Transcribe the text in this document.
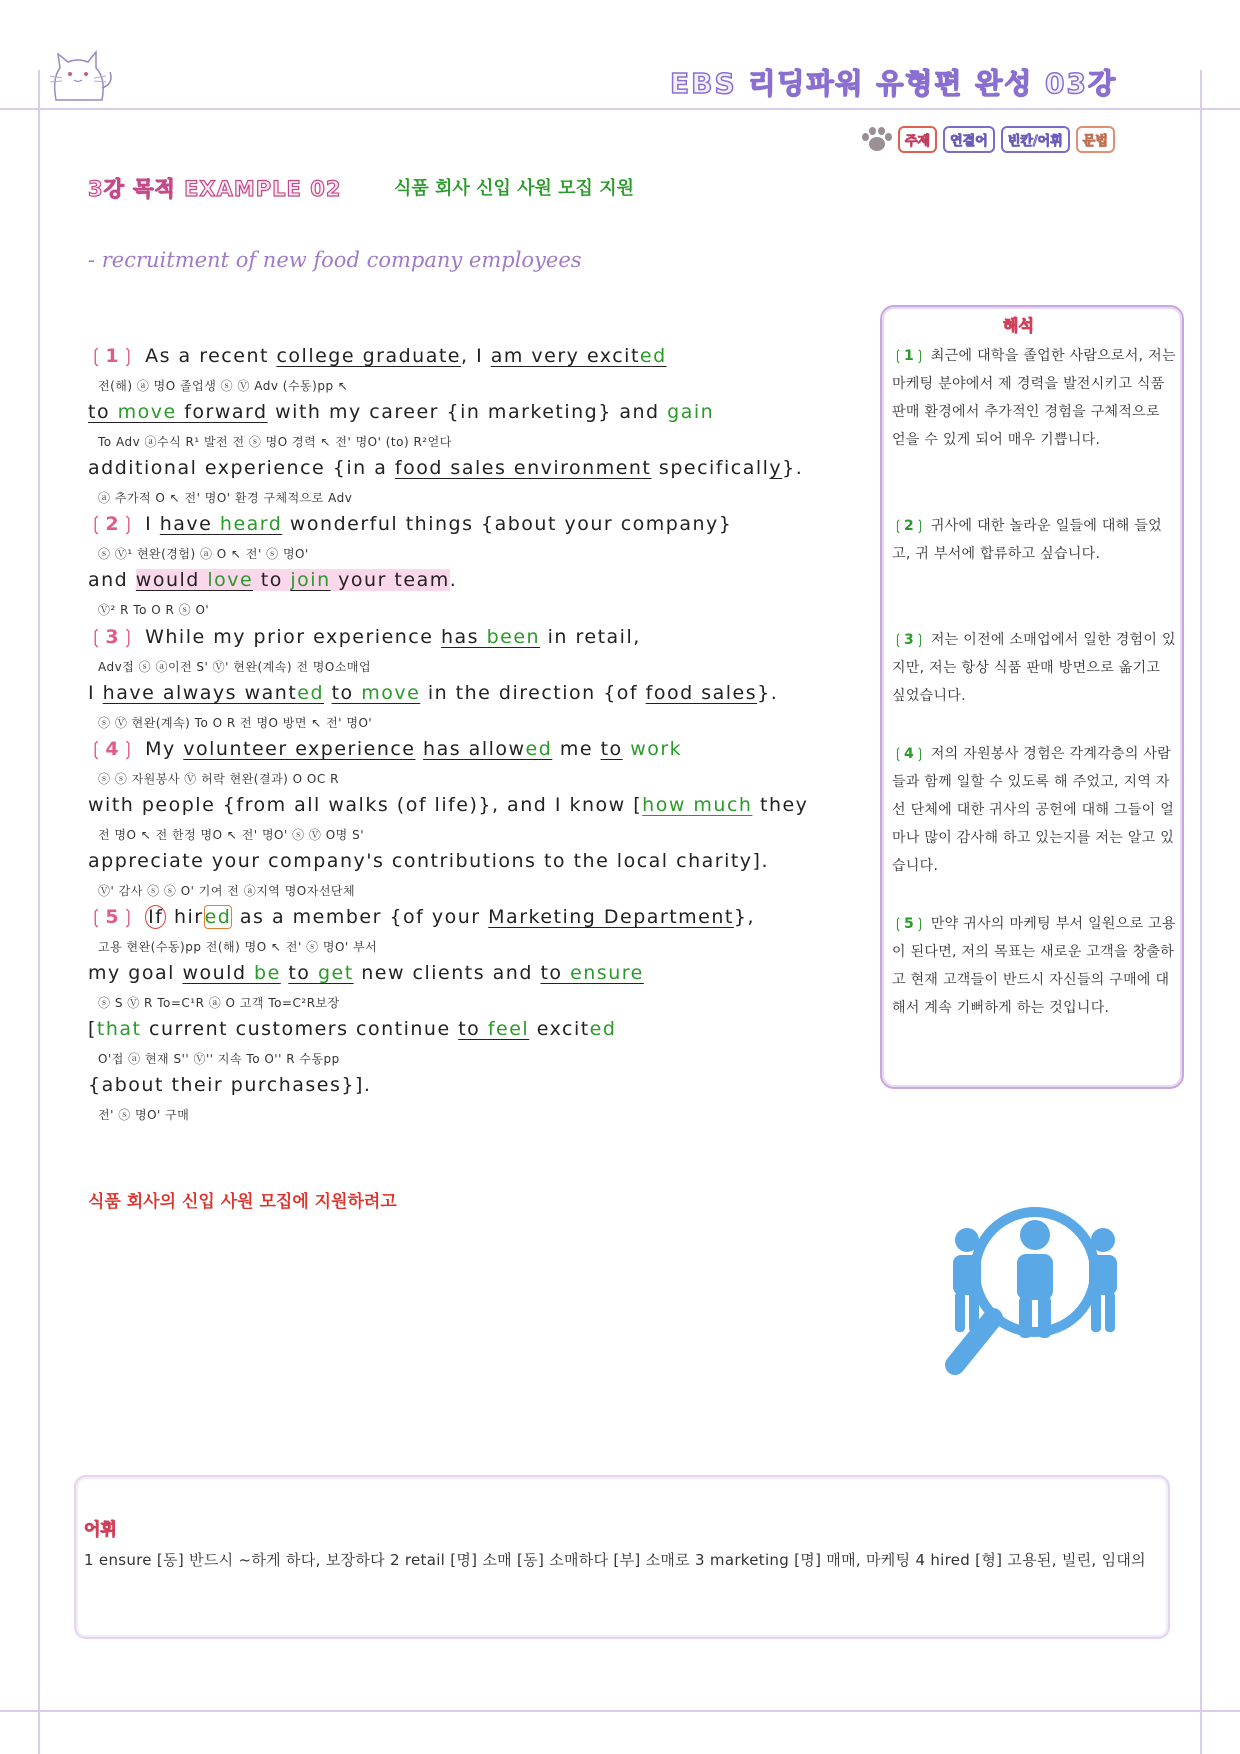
EBS 리딩파워 유형편 완성 03강
주제	연결어	빈칸/어휘	문법
3강 목적 EXAMPLE 02	식품 회사 신입 사원 모집 지원
- recruitment of new food company employees
❲1❳ As a recent college graduate, I am very excited
전(해) ⓐ 명O 졸업생 ⓢ Ⓥ Adv (수동)pp ↖
to move forward with my career {in marketing} and gain
To Adv ⓐ수식 R¹ 발전 전 ⓢ 명O 경력 ↖ 전' 명O' (to) R²얻다
additional experience {in a food sales environment specifically}.
ⓐ 추가적 O ↖ 전' 명O' 환경 구체적으로 Adv
❲2❳ I have heard wonderful things {about your company}
ⓢ Ⓥ¹ 현완(경험) ⓐ O ↖ 전' ⓢ 명O'
and would love to join your team.
Ⓥ² R To O R ⓢ O'
❲3❳ While my prior experience has been in retail,
Adv접 ⓢ ⓐ이전 S' Ⓥ' 현완(계속) 전 명O소매업
I have always wanted to move in the direction {of food sales}.
ⓢ Ⓥ 현완(계속) To O R 전 명O 방면 ↖ 전' 명O'
❲4❳ My volunteer experience has allowed me to work
ⓢ ⓢ 자원봉사 Ⓥ 허락 현완(결과) O OC R
with people {from all walks (of life)}, and I know [how much they
전 명O ↖ 전 한정 명O ↖ 전' 명O' ⓢ Ⓥ O명 S'
appreciate your company's contributions to the local charity].
Ⓥ' 감사 ⓢ ⓢ O' 기여 전 ⓐ지역 명O자선단체
❲5❳ If hired as a member {of your Marketing Department},
고용 현완(수동)pp 전(해) 명O ↖ 전' ⓢ 명O' 부서
my goal would be to get new clients and to ensure
ⓢ S Ⓥ R To=C¹R ⓐ O 고객 To=C²R보장
[that current customers continue to feel excited
O'접 ⓐ 현재 S'' Ⓥ'' 지속 To O'' R 수동pp
{about their purchases}].
전' ⓢ 명O' 구매
해석
❲1❳ 최근에 대학을 졸업한 사람으로서, 저는 마케팅 분야에서 제 경력을 발전시키고 식품 판매 환경에서 추가적인 경험을 구체적으로 얻을 수 있게 되어 매우 기쁩니다.
❲2❳ 귀사에 대한 놀라운 일들에 대해 들었고, 귀 부서에 합류하고 싶습니다.
❲3❳ 저는 이전에 소매업에서 일한 경험이 있지만, 저는 항상 식품 판매 방면으로 옮기고 싶었습니다.
❲4❳ 저의 자원봉사 경험은 각계각층의 사람들과 함께 일할 수 있도록 해 주었고, 지역 자선 단체에 대한 귀사의 공헌에 대해 그들이 얼마나 많이 감사해 하고 있는지를 저는 알고 있습니다.
❲5❳ 만약 귀사의 마케팅 부서 일원으로 고용이 된다면, 저의 목표는 새로운 고객을 창출하고 현재 고객들이 반드시 자신들의 구매에 대해서 계속 기뻐하게 하는 것입니다.
식품 회사의 신입 사원 모집에 지원하려고
어휘
1 ensure [동] 반드시 ~하게 하다, 보장하다 2 retail [명] 소매 [동] 소매하다 [부] 소매로 3 marketing [명] 매매, 마케팅 4 hired [형] 고용된, 빌린, 임대의
